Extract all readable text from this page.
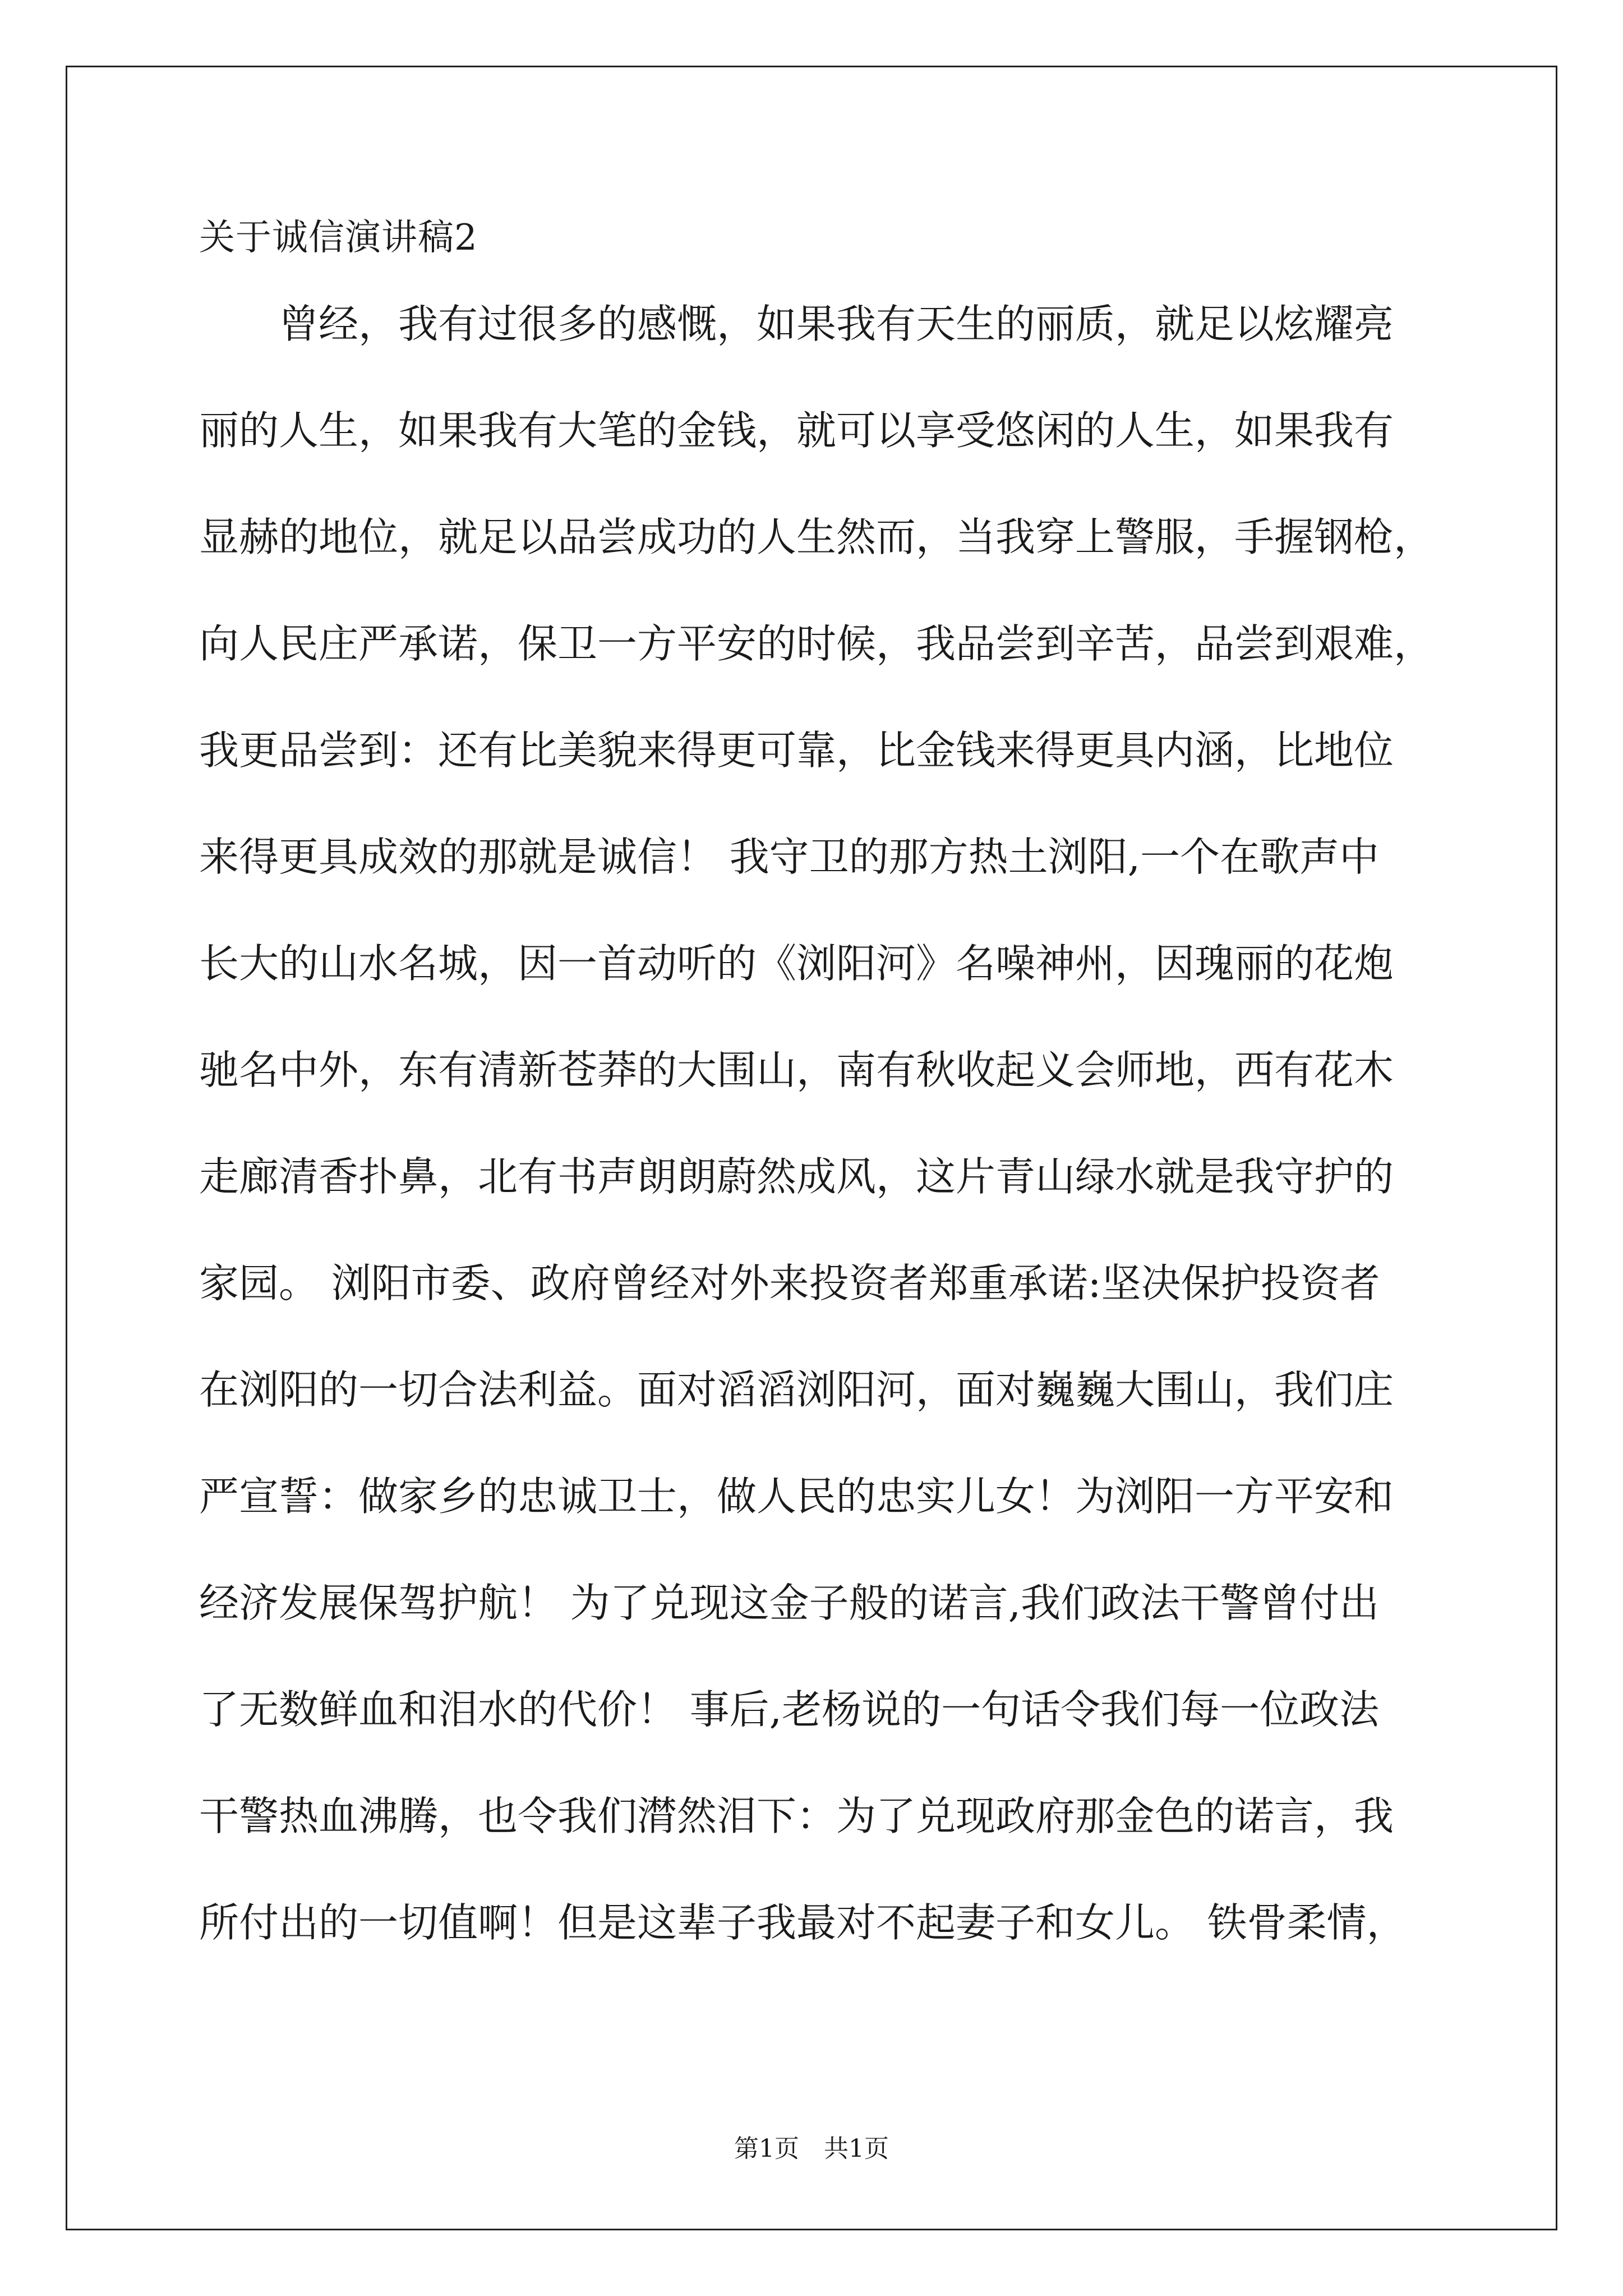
关于诚信演讲稿2
　　曾经，我有过很多的感慨，如果我有天生的丽质，就足以炫耀亮
丽的人生，如果我有大笔的金钱，就可以享受悠闲的人生，如果我有
显赫的地位，就足以品尝成功的人生然而，当我穿上警服，手握钢枪，
向人民庄严承诺，保卫一方平安的时候，我品尝到辛苦，品尝到艰难，
我更品尝到：还有比美貌来得更可靠，比金钱来得更具内涵，比地位
来得更具成效的那就是诚信！ 我守卫的那方热土浏阳,一个在歌声中
长大的山水名城，因一首动听的《浏阳河》名噪神州，因瑰丽的花炮
驰名中外，东有清新苍莽的大围山，南有秋收起义会师地，西有花木
走廊清香扑鼻，北有书声朗朗蔚然成风，这片青山绿水就是我守护的
家园。 浏阳市委、政府曾经对外来投资者郑重承诺:坚决保护投资者
在浏阳的一切合法利益。面对滔滔浏阳河，面对巍巍大围山，我们庄
严宣誓：做家乡的忠诚卫士，做人民的忠实儿女！为浏阳一方平安和
经济发展保驾护航！ 为了兑现这金子般的诺言,我们政法干警曾付出
了无数鲜血和泪水的代价！ 事后,老杨说的一句话令我们每一位政法
干警热血沸腾，也令我们潸然泪下：为了兑现政府那金色的诺言，我
所付出的一切值啊！但是这辈子我最对不起妻子和女儿。 铁骨柔情，
第1页　共1页
